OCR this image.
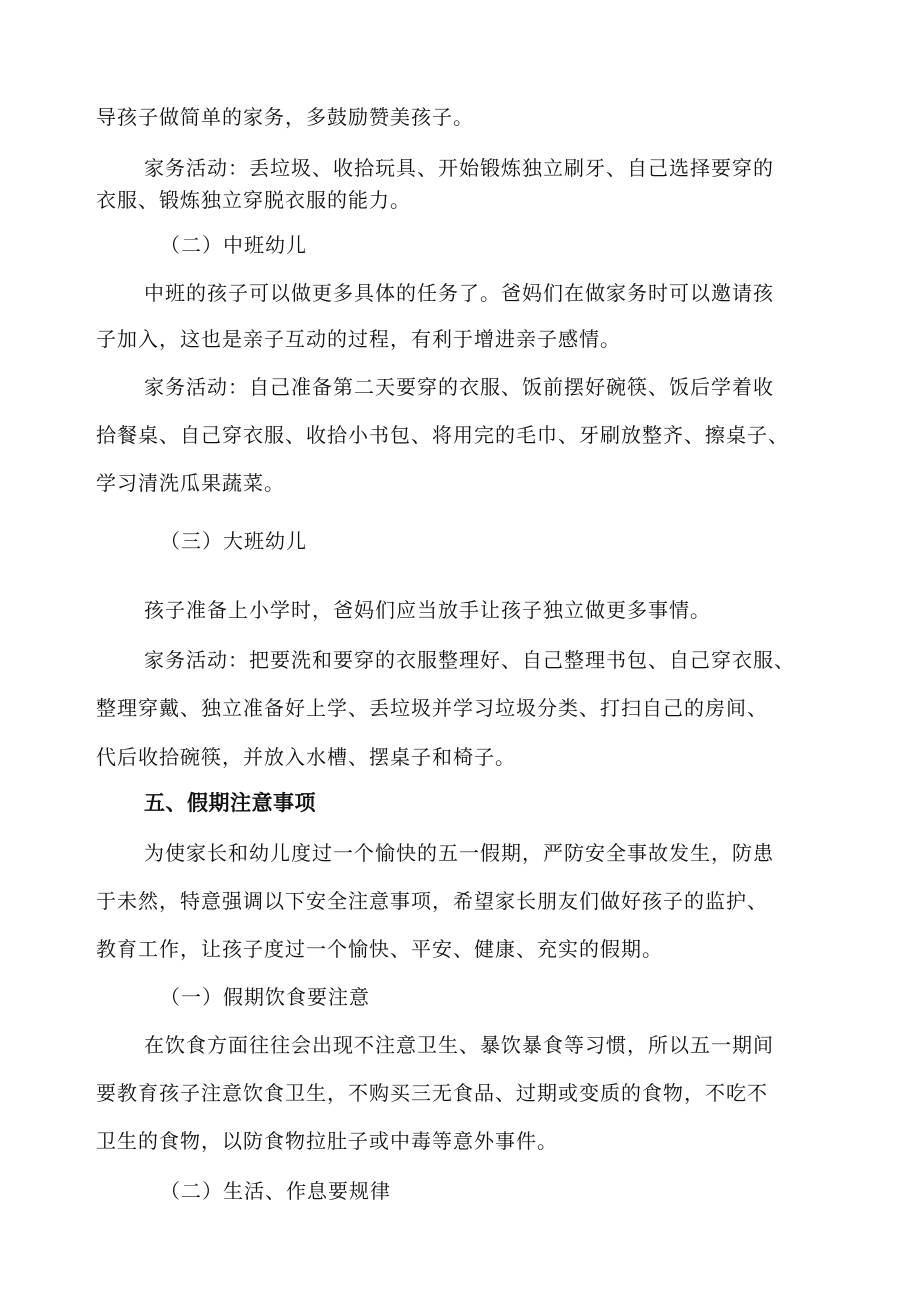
导孩子做简单的家务，多鼓励赞美孩子。
家务活动：丢垃圾、收拾玩具、开始锻炼独立刷牙、自己选择要穿的
衣服、锻炼独立穿脱衣服的能力。
（二）中班幼儿
中班的孩子可以做更多具体的任务了。爸妈们在做家务时可以邀请孩
子加入，这也是亲子互动的过程，有利于增进亲子感情。
家务活动：自己准备第二天要穿的衣服、饭前摆好碗筷、饭后学着收
拾餐桌、自己穿衣服、收拾小书包、将用完的毛巾、牙刷放整齐、擦桌子、
学习清洗瓜果蔬菜。
（三）大班幼儿
孩子准备上小学时，爸妈们应当放手让孩子独立做更多事情。
家务活动：把要洗和要穿的衣服整理好、自己整理书包、自己穿衣服、
整理穿戴、独立准备好上学、丢垃圾并学习垃圾分类、打扫自己的房间、
代后收拾碗筷，并放入水槽、摆桌子和椅子。
五、假期注意事项
为使家长和幼儿度过一个愉快的五一假期，严防安全事故发生，防患
于未然，特意强调以下安全注意事项，希望家长朋友们做好孩子的监护、
教育工作，让孩子度过一个愉快、平安、健康、充实的假期。
（一）假期饮食要注意
在饮食方面往往会出现不注意卫生、暴饮暴食等习惯，所以五一期间
要教育孩子注意饮食卫生，不购买三无食品、过期或变质的食物，不吃不
卫生的食物，以防食物拉肚子或中毒等意外事件。
（二）生活、作息要规律
